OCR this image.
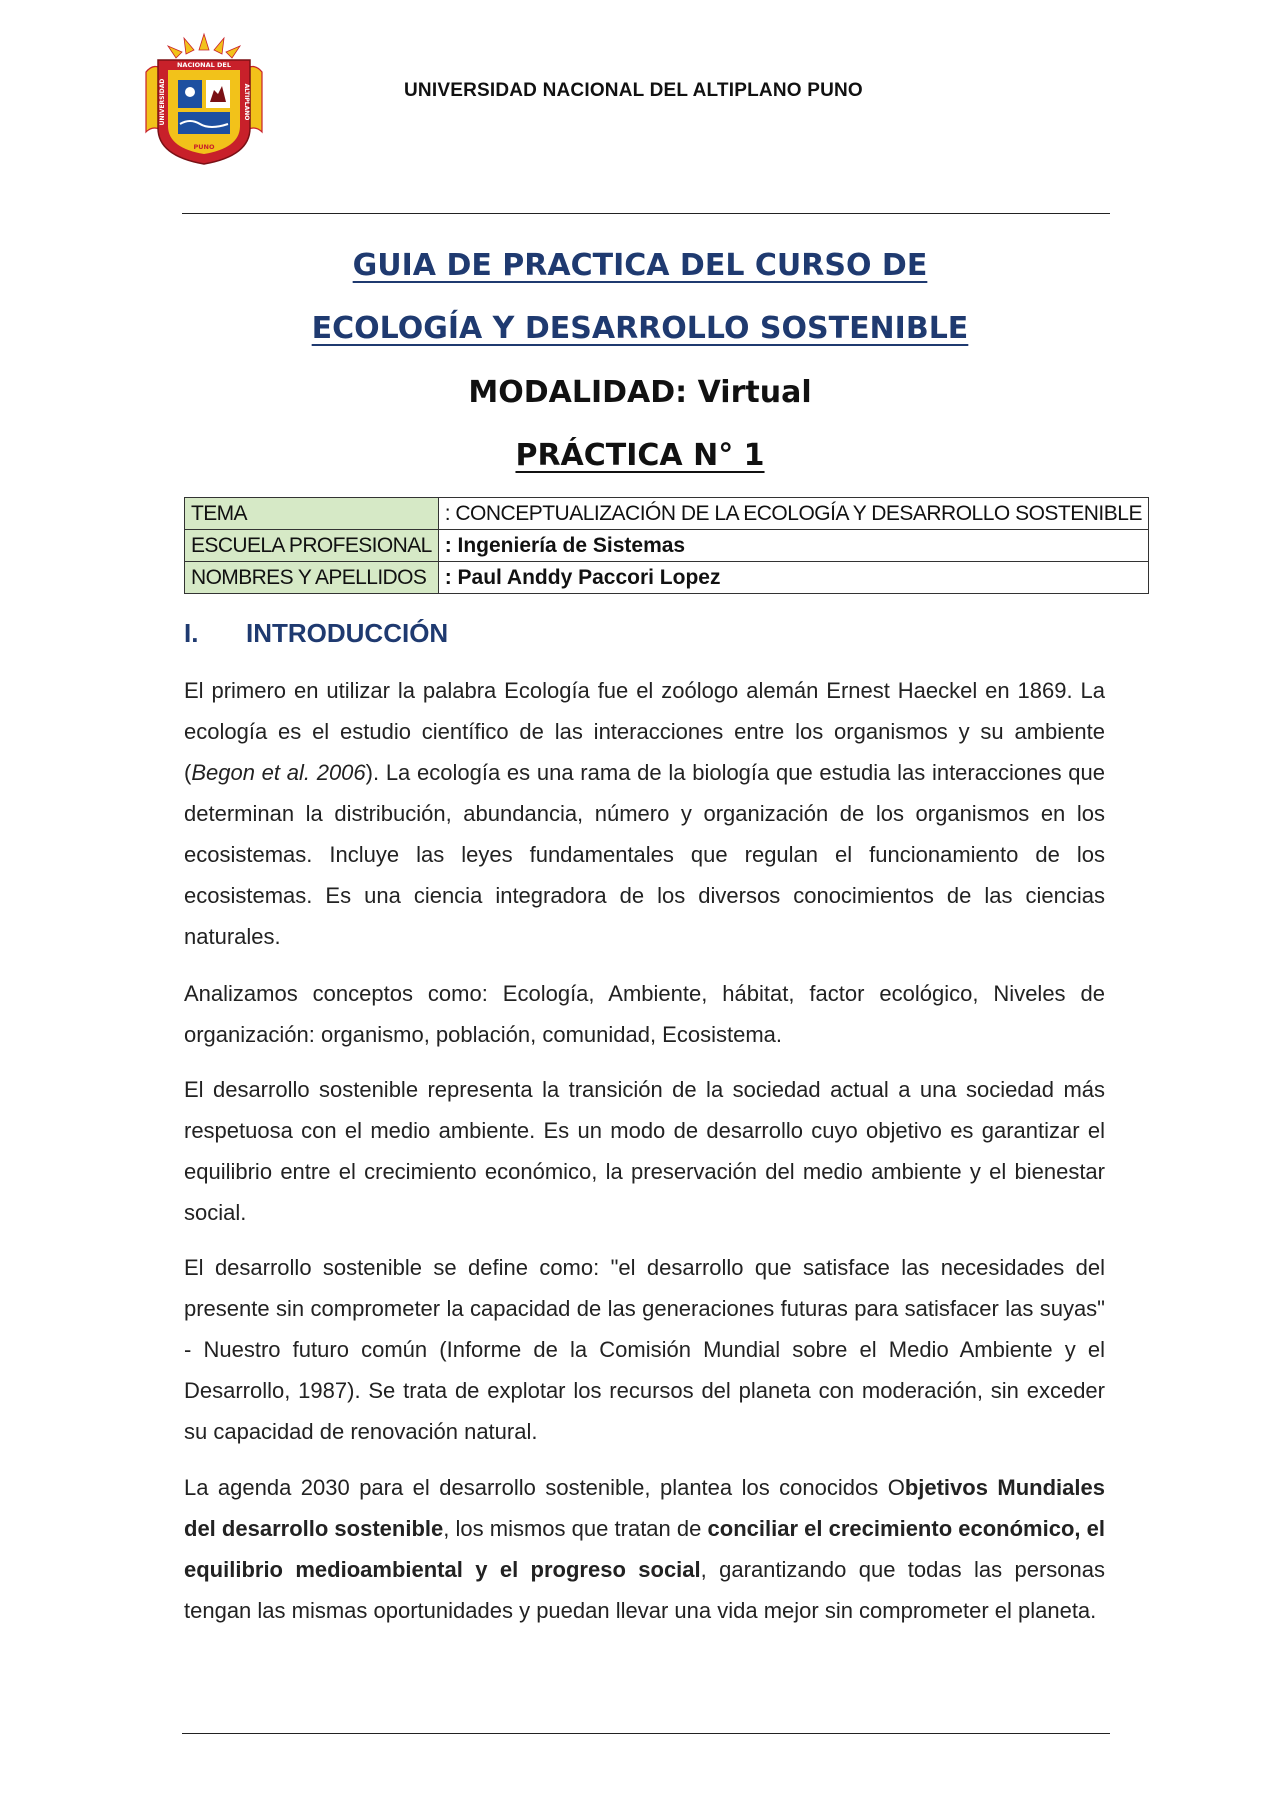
NACIONAL DEL
UNIVERSIDAD	ALTIPLANO
PUNO
UNIVERSIDAD NACIONAL DEL ALTIPLANO PUNO
GUIA DE PRACTICA DEL CURSO DE
ECOLOGÍA Y DESARROLLO SOSTENIBLE
MODALIDAD: Virtual
PRÁCTICA N° 1
TEMA	: CONCEPTUALIZACIÓN DE LA ECOLOGÍA Y DESARROLLO SOSTENIBLE
ESCUELA PROFESIONAL	: Ingeniería de Sistemas
NOMBRES Y APELLIDOS	: Paul Anddy Paccori Lopez
I. INTRODUCCIÓN
El primero en utilizar la palabra Ecología fue el zoólogo alemán Ernest Haeckel en 1869. La ecología es el estudio científico de las interacciones entre los organismos y su ambiente (Begon et al. 2006). La ecología es una rama de la biología que estudia las interacciones que determinan la distribución, abundancia, número y organización de los organismos en los ecosistemas. Incluye las leyes fundamentales que regulan el funcionamiento de los ecosistemas. Es una ciencia integradora de los diversos conocimientos de las ciencias naturales.
Analizamos conceptos como: Ecología, Ambiente, hábitat, factor ecológico, Niveles de organización: organismo, población, comunidad, Ecosistema.
El desarrollo sostenible representa la transición de la sociedad actual a una sociedad más respetuosa con el medio ambiente. Es un modo de desarrollo cuyo objetivo es garantizar el equilibrio entre el crecimiento económico, la preservación del medio ambiente y el bienestar social.
El desarrollo sostenible se define como: "el desarrollo que satisface las necesidades del presente sin comprometer la capacidad de las generaciones futuras para satisfacer las suyas" - Nuestro futuro común (Informe de la Comisión Mundial sobre el Medio Ambiente y el Desarrollo, 1987). Se trata de explotar los recursos del planeta con moderación, sin exceder su capacidad de renovación natural.
La agenda 2030 para el desarrollo sostenible, plantea los conocidos Objetivos Mundiales del desarrollo sostenible, los mismos que tratan de conciliar el crecimiento económico, el equilibrio medioambiental y el progreso social, garantizando que todas las personas tengan las mismas oportunidades y puedan llevar una vida mejor sin comprometer el planeta.
